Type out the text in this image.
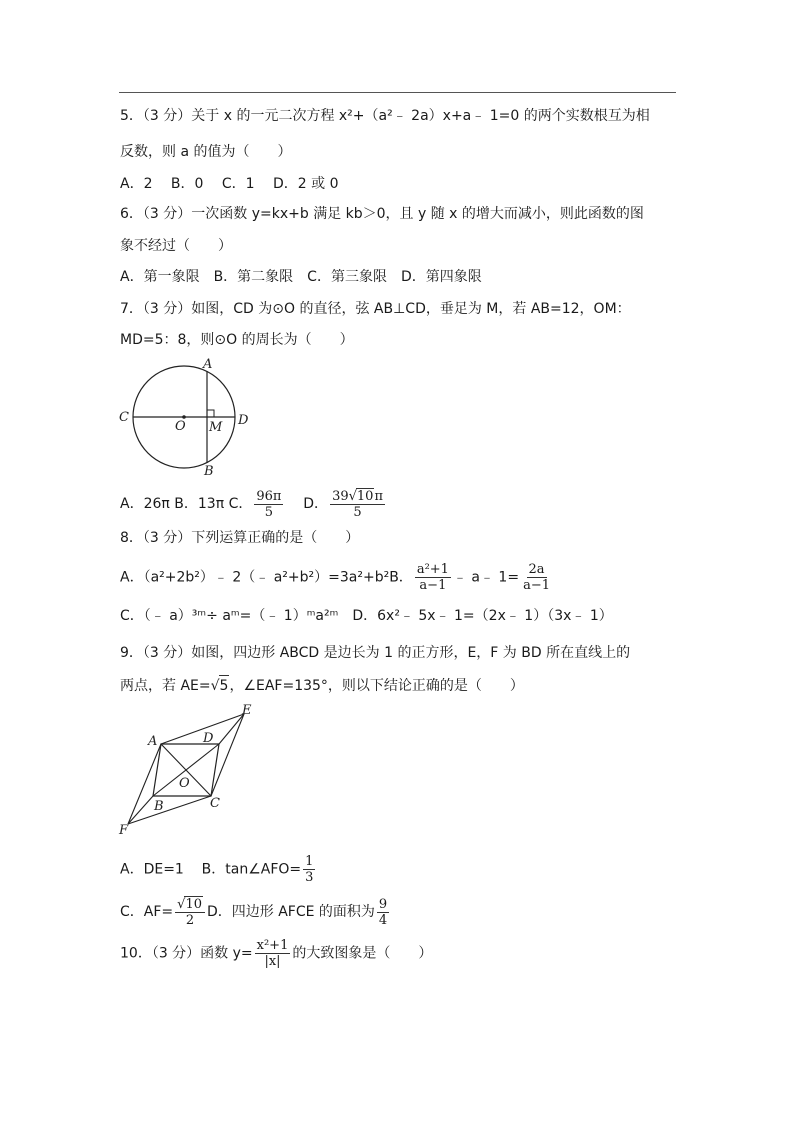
5．（3 分）关于 x 的一元二次方程 x²+（a²﹣ 2a）x+a﹣ 1=0 的两个实数根互为相
反数，则 a 的值为（　　）
A．2　 B．0　 C．1　 D．2 或 0
6．（3 分）一次函数 y=kx+b 满足 kb＞0，且 y 随 x 的增大而减小，则此函数的图
象不经过（　　）
A．第一象限　B．第二象限　C．第三象限　D．第四象限
7．（3 分）如图，CD 为⊙O 的直径，弦 AB⊥CD，垂足为 M，若 AB=12，OM：
MD=5：8，则⊙O 的周长为（　　）
A
B
C	D
O M
A．26π B．13π C． $\frac{96\pi}{5}$ D． $\frac{39√10\pi}{5}$
8．（3 分）下列运算正确的是（　　）
A．（a²+2b²）﹣ 2（﹣ a²+b²）=3a²+b²B． $\frac{\text{a²+1}}{a-1}$ ﹣ a﹣ $1= \frac{2a}{a-1}$
C．（﹣ a）³ᵐ÷ aᵐ=（﹣ 1）ᵐa²ᵐ　D．6x²﹣ 5x﹣ 1=（2x﹣ 1）（3x﹣ 1）
9．（3 分）如图，四边形 ABCD 是边长为 1 的正方形，E，F 为 BD 所在直线上的
两点，若 AE=√5，∠EAF=135°，则以下结论正确的是（　　）
A	D
E
O
B	C
F
A．DE=1 B．tan∠AFO= $\frac{1}{3}$
C．$AF= \frac{√10}{2}$ D．四边形 AFCE 的面积为 $\frac{9}{4}$
10．（3 分）函数 $y= \frac{\text{x²+1}}{|x|}$ 的大致图象是（　　）
